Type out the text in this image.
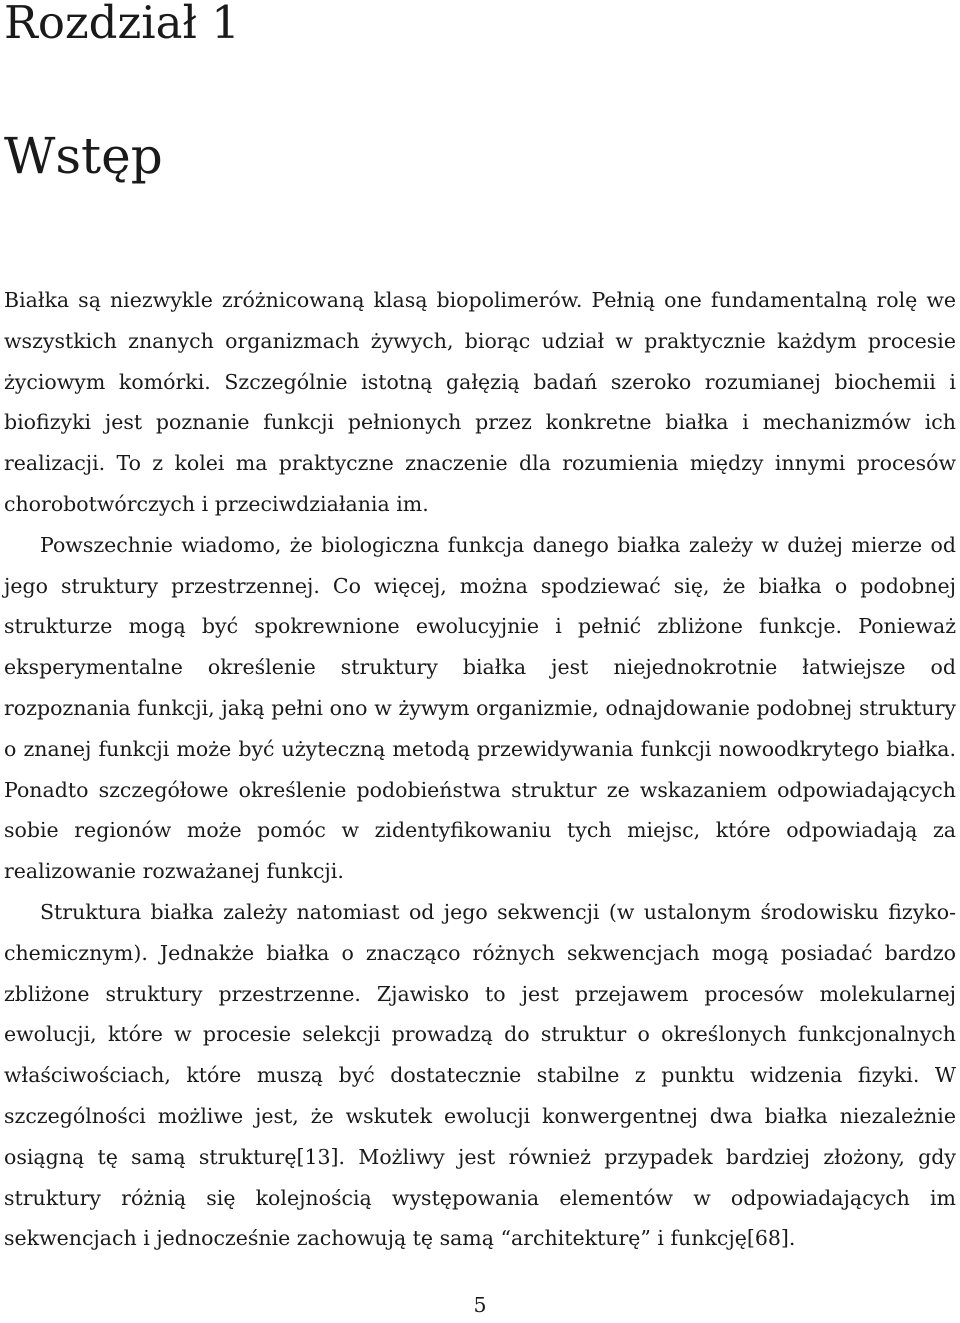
Rozdział 1
Wstęp

Białka są niezwykle zróżnicowaną klasą biopolimerów. Pełnią one fundamentalną rolę we wszystkich znanych organizmach żywych, biorąc udział w praktycznie każdym procesie życiowym komórki. Szczególnie istotną gałęzią badań szeroko rozumianej biochemii i biofizyki jest poznanie funkcji pełnionych przez konkretne białka i mechanizmów ich realizacji. To z kolei ma praktyczne znaczenie dla rozumienia między innymi procesów chorobotwórczych i przeciwdziałania im.

Powszechnie wiadomo, że biologiczna funkcja danego białka zależy w dużej mierze od jego struktury przestrzennej. Co więcej, można spodziewać się, że białka o podobnej strukturze mogą być spokrewnione ewolucyjnie i pełnić zbliżone funkcje. Ponieważ eksperymentalne określenie struktury białka jest niejednokrotnie łatwiejsze od rozpoznania funkcji, jaką pełni ono w żywym organizmie, odnajdowanie podobnej struktury o znanej funkcji może być użyteczną metodą przewidywania funkcji nowoodkrytego białka. Ponadto szczegółowe określenie podobieństwa struktur ze wskazaniem odpowiadających sobie regionów może pomóc w zidentyfikowaniu tych miejsc, które odpowiadają za realizowanie rozważanej funkcji.

Struktura białka zależy natomiast od jego sekwencji (w ustalonym środowisku fizyko-chemicznym). Jednakże białka o znacząco różnych sekwencjach mogą posiadać bardzo zbliżone struktury przestrzenne. Zjawisko to jest przejawem procesów molekularnej ewolucji, które w procesie selekcji prowadzą do struktur o określonych funkcjonalnych właściwościach, które muszą być dostatecznie stabilne z punktu widzenia fizyki. W szczególności możliwe jest, że wskutek ewolucji konwergentnej dwa białka niezależnie osiągną tę samą strukturę[13]. Możliwy jest również przypadek bardziej złożony, gdy struktury różnią się kolejnością występowania elementów w odpowiadających im sekwencjach i jednocześnie zachowują tę samą “architekturę” i funkcję[68].

5
